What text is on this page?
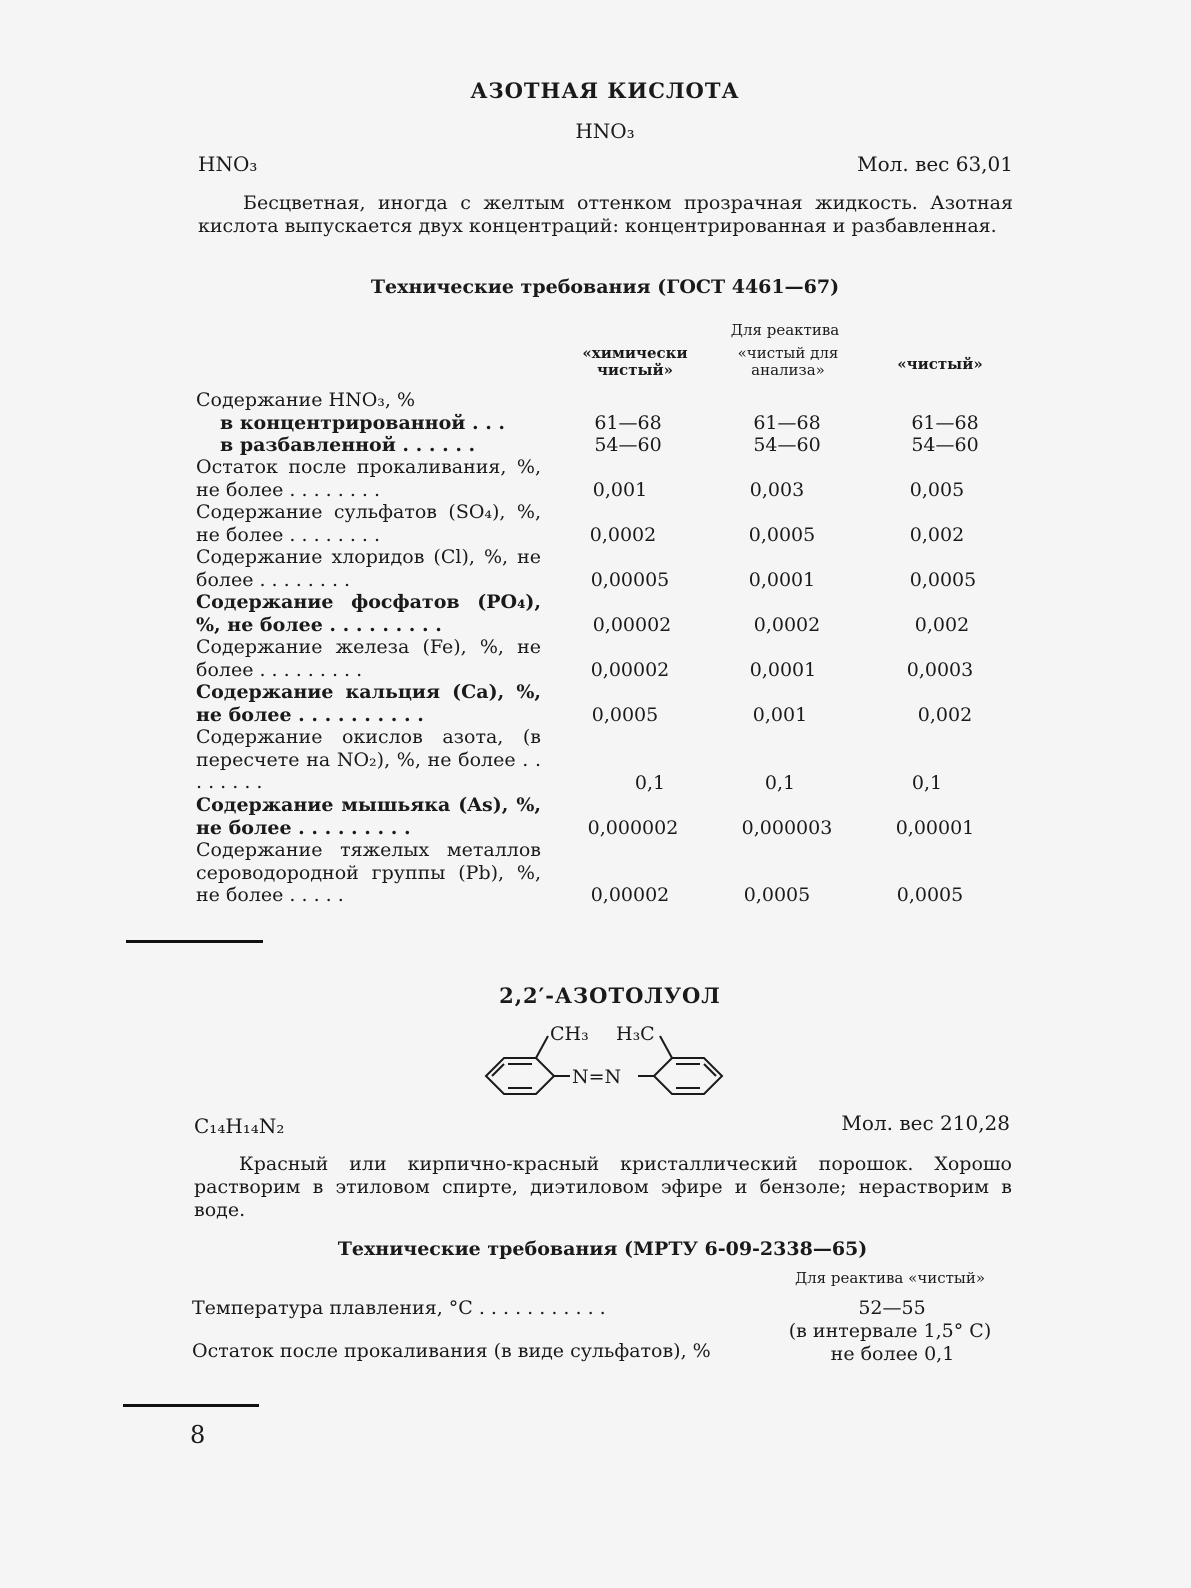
АЗОТНАЯ КИСЛОТА
HNO₃
HNO₃	Мол. вес 63,01
Бесцветная, иногда с желтым оттенком прозрачная жидкость. Азотная кислота выпускается двух концентраций: концентрированная и разбавленная.
Технические требования (ГОСТ 4461—67)
Для реактива
«химически чистый»
«чистый для анализа»	«чистый»
Содержание HNO₃, %
в концентрированной . . .	61—68	61—68	61—68
в разбавленной . . . . . .	54—60	54—60	54—60
Остаток после прокаливания, %, не более . . . . . . . .	0,001	0,003	0,005
Содержание сульфатов (SO₄), %, не более . . . . . . . .	0,0002	0,0005	0,002
Содержание хлоридов (Cl), %, не более . . . . . . . .	0,00005	0,0001	0,0005
Содержание фосфатов (PO₄), %, не более . . . . . . . . .	0,00002	0,0002	0,002
Содержание железа (Fe), %, не более . . . . . . . . .	0,00002	0,0001	0,0003
Содержание кальция (Ca), %, не более . . . . . . . . . .	0,0005	0,001	0,002
Содержание окислов азота, (в пересчете на NO₂), %, не более . . . . . . . .	0,1	0,1	0,1
Содержание мышьяка (As), %, не более . . . . . . . . .	0,000002	0,000003	0,00001
Содержание тяжелых металлов сероводородной группы (Pb), %, не более . . . . .	0,00002	0,0005	0,0005
2,2′-АЗОТОЛУОЛ
CH₃ H₃C
N=N
C₁₄H₁₄N₂	Мол. вес 210,28
Красный или кирпично-красный кристаллический порошок. Хорошо растворим в этиловом спирте, диэтиловом эфире и бензоле; нерастворим в воде.
Технические требования (МРТУ 6-09-2338—65)
Для реактива «чистый»
Температура плавления, °С . . . . . . . . . . .	52—55
(в интервале 1,5° С)
Остаток после прокаливания (в виде сульфатов), %	не более 0,1
8
